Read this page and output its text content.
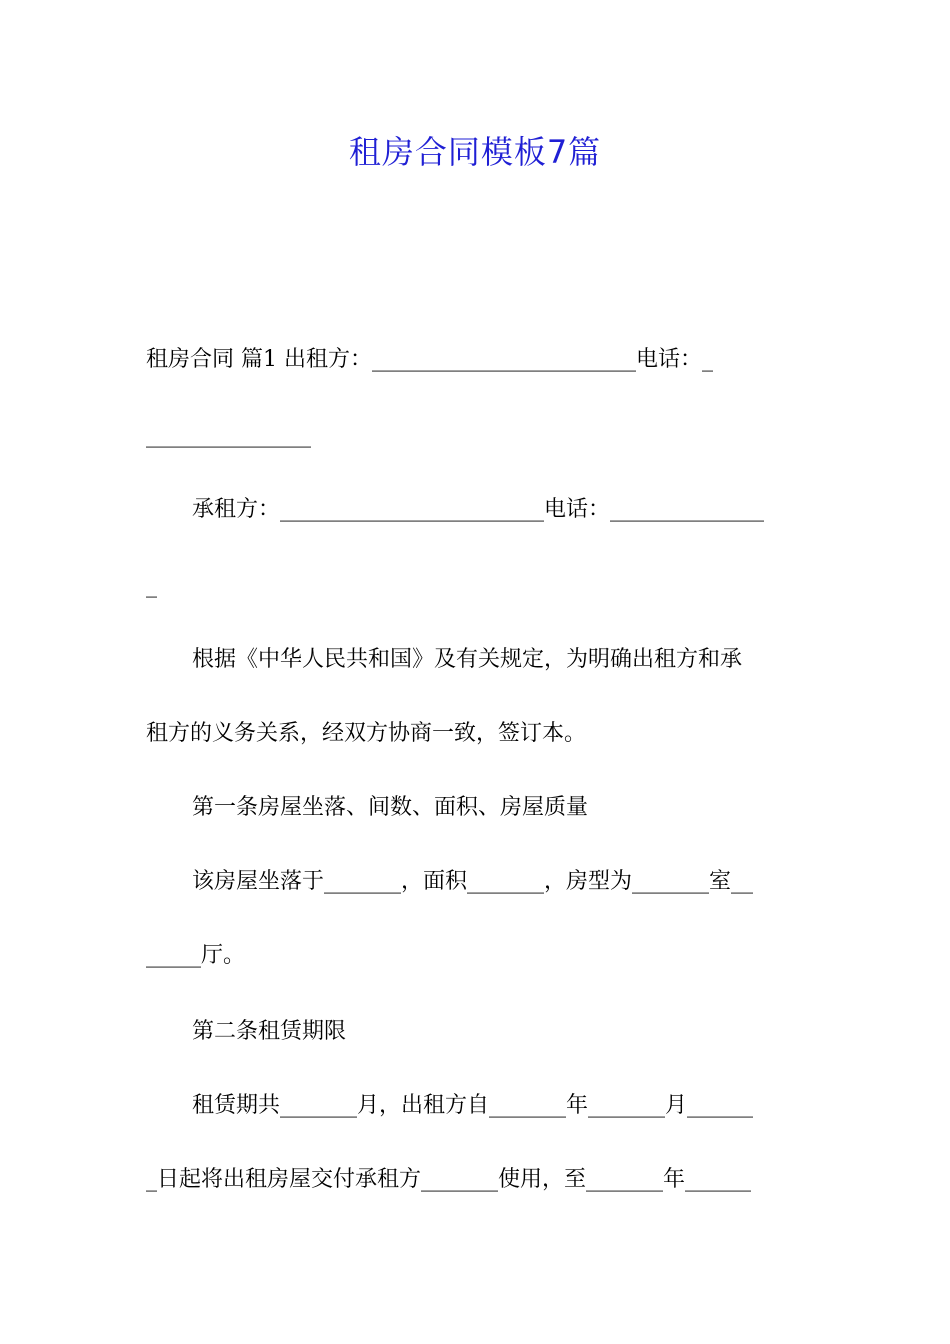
租房合同模板7篇
租房合同 篇1 出租方：________________________电话：_
_______________
承租方：________________________电话：______________
_
根据《中华人民共和国》及有关规定，为明确出租方和承
租方的义务关系，经双方协商一致，签订本。
第一条房屋坐落、间数、面积、房屋质量
该房屋坐落于_______，面积_______，房型为_______室__
_____厅。
第二条租赁期限
租赁期共_______月，出租方自_______年_______月______
_日起将出租房屋交付承租方_______使用，至_______年______
